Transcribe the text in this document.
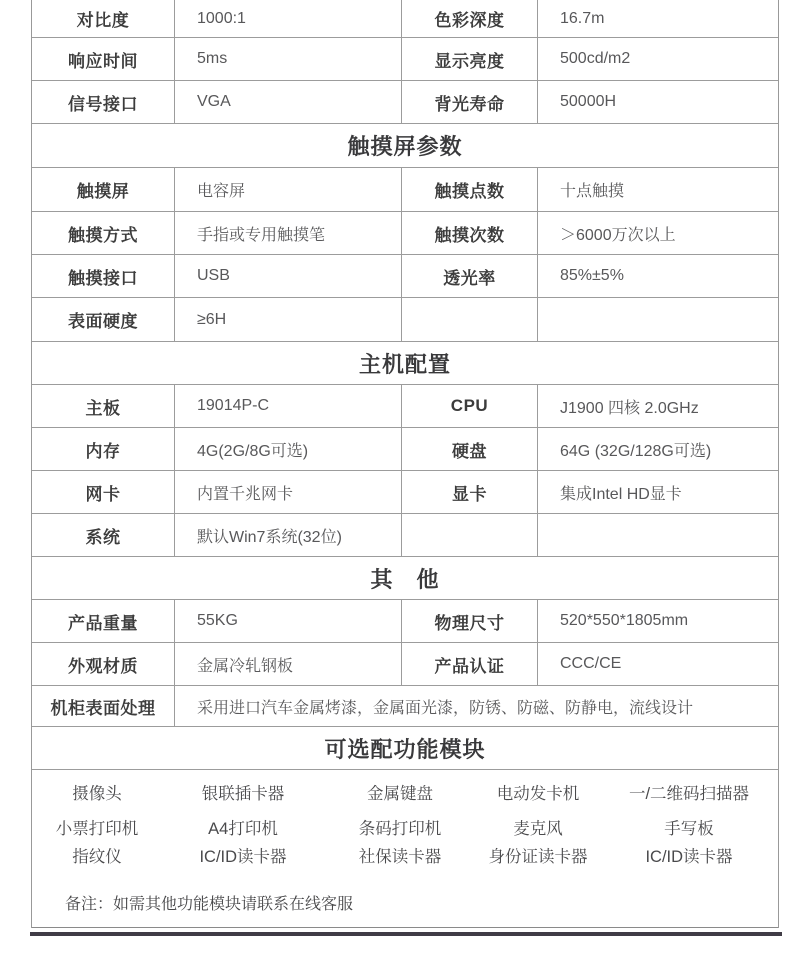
对比度	1000:1	色彩深度	16.7m
响应时间	5ms	显示亮度	500cd/m2
信号接口	VGA	背光寿命	50000H
触摸屏参数
触摸屏	电容屏	触摸点数	十点触摸
触摸方式	手指或专用触摸笔	触摸次数	＞6000万次以上
触摸接口	USB	透光率	85%±5%
表面硬度	≥6H
主机配置
主板	19014P-C	CPU	J1900 四核 2.0GHz
内存	4G(2G/8G可选)	硬盘	64G (32G/128G可选)
网卡	内置千兆网卡	显卡	集成Intel HD显卡
系统	默认Win7系统(32位)
其　他
产品重量	55KG	物理尺寸	520*550*1805mm
外观材质	金属冷轧钢板	产品认证	CCC/CE
机柜表面处理	采用进口汽车金属烤漆，金属面光漆，防锈、防磁、防静电，流线设计
可选配功能模块
摄像头	银联插卡器	金属键盘	电动发卡机	一/二维码扫描器
小票打印机	A4打印机	条码打印机	麦克风	手写板
指纹仪	IC/ID读卡器	社保读卡器	身份证读卡器	IC/ID读卡器
备注：如需其他功能模块请联系在线客服
